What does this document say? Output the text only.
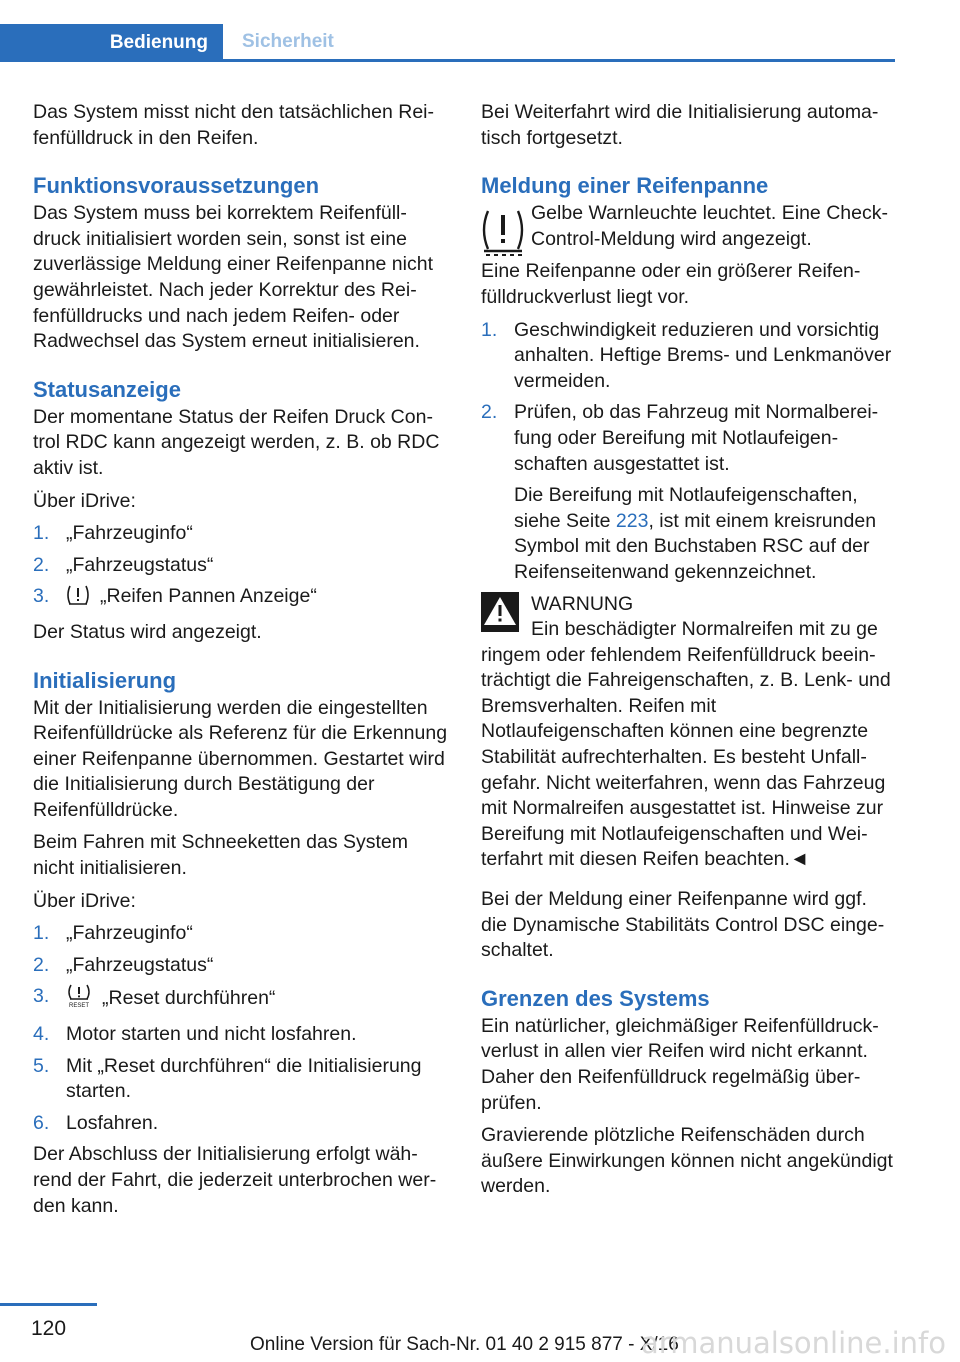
Bedienung	Sicherheit

Das System misst nicht den tatsächlichen Reifenfülldruck in den Reifen.

Funktionsvoraussetzungen

Das System muss bei korrektem Reifenfülldruck initialisiert worden sein, sonst ist eine zuverlässige Meldung einer Reifenpanne nicht gewährleistet. Nach jeder Korrektur des Reifenfülldrucks und nach jedem Reifen- oder Radwechsel das System erneut initialisieren.

Statusanzeige

Der momentane Status der Reifen Druck Control RDC kann angezeigt werden, z. B. ob RDC aktiv ist.

Über iDrive:

1. „Fahrzeuginfo“
2. „Fahrzeugstatus“
3.	„Reifen Pannen Anzeige“

Der Status wird angezeigt.

Initialisierung

Mit der Initialisierung werden die eingestellten Reifenfülldrücke als Referenz für die Erkennung einer Reifenpanne übernommen. Gestartet wird die Initialisierung durch Bestätigung der Reifenfülldrücke.

Beim Fahren mit Schneeketten das System nicht initialisieren.

Über iDrive:

1. „Fahrzeuginfo“
2. „Fahrzeugstatus“
3.	RESET „Reset durchführen“
4. Motor starten und nicht losfahren.
5. Mit „Reset durchführen“ die Initialisierung starten.
6. Losfahren.

Der Abschluss der Initialisierung erfolgt während der Fahrt, die jederzeit unterbrochen werden kann.

Bei Weiterfahrt wird die Initialisierung automatisch fortgesetzt.

Meldung einer Reifenpanne

Gelbe Warnleuchte leuchtet. Eine Check-Control-Meldung wird angezeigt.

Eine Reifenpanne oder ein größerer Reifenfülldruckverlust liegt vor.

1. Geschwindigkeit reduzieren und vorsichtig anhalten. Heftige Brems- und Lenkmanöver vermeiden.
2. Prüfen, ob das Fahrzeug mit Normalbereifung oder Bereifung mit Notlaufeigenschaften ausgestattet ist.
Die Bereifung mit Notlaufeigenschaften, siehe Seite 223, ist mit einem kreisrunden Symbol mit den Buchstaben RSC auf der Reifenseitenwand gekennzeichnet.
WARNUNG
Ein beschädigter Normalreifen mit zu ge

ringem oder fehlendem Reifenfülldruck beeinträchtigt die Fahreigenschaften, z. B. Lenk- und Bremsverhalten. Reifen mit Notlaufeigenschaften können eine begrenzte Stabilität aufrechterhalten. Es besteht Unfallgefahr. Nicht weiterfahren, wenn das Fahrzeug mit Normalreifen ausgestattet ist. Hinweise zur Bereifung mit Notlaufeigenschaften und Weiterfahrt mit diesen Reifen beachten.◄

Bei der Meldung einer Reifenpanne wird ggf. die Dynamische Stabilitäts Control DSC eingeschaltet.

Grenzen des Systems

Ein natürlicher, gleichmäßiger Reifenfülldruckverlust in allen vier Reifen wird nicht erkannt. Daher den Reifenfülldruck regelmäßig überprüfen.

Gravierende plötzliche Reifenschäden durch äußere Einwirkungen können nicht angekündigt werden.

120
Online Version für Sach-Nr. 01 40 2 915 877 - X/16
armanualsonline.info
